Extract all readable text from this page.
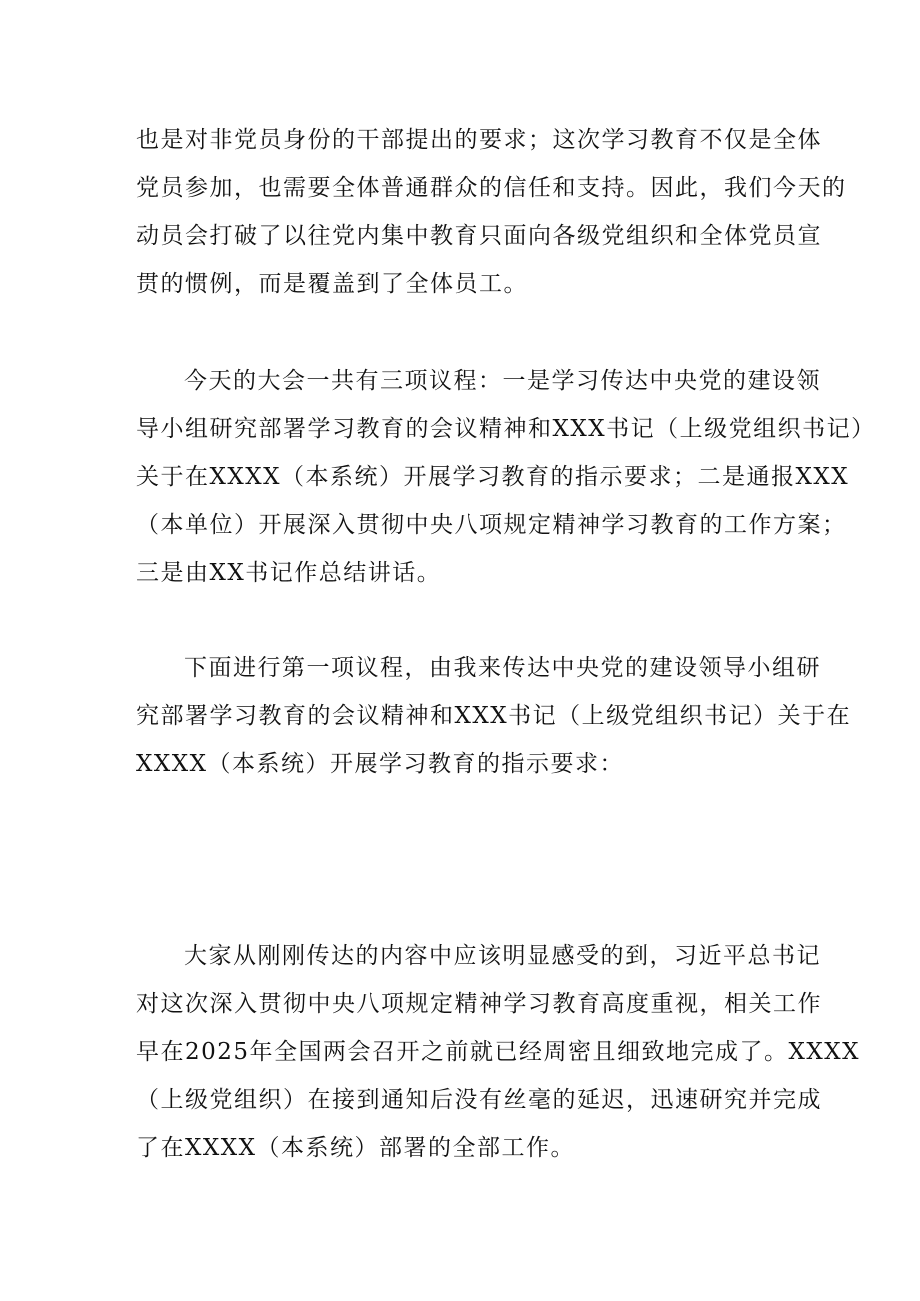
也是对非党员身份的干部提出的要求；这次学习教育不仅是全体
党员参加，也需要全体普通群众的信任和支持。因此，我们今天的
动员会打破了以往党内集中教育只面向各级党组织和全体党员宣
贯的惯例，而是覆盖到了全体员工。
今天的大会一共有三项议程：一是学习传达中央党的建设领
导小组研究部署学习教育的会议精神和XXX书记（上级党组织书记）
关于在XXXX（本系统）开展学习教育的指示要求；二是通报XXX
（本单位）开展深入贯彻中央八项规定精神学习教育的工作方案；
三是由XX书记作总结讲话。
下面进行第一项议程，由我来传达中央党的建设领导小组研
究部署学习教育的会议精神和XXX书记（上级党组织书记）关于在
XXXX（本系统）开展学习教育的指示要求：
大家从刚刚传达的内容中应该明显感受的到，习近平总书记
对这次深入贯彻中央八项规定精神学习教育高度重视，相关工作
早在2025年全国两会召开之前就已经周密且细致地完成了。XXXX
（上级党组织）在接到通知后没有丝毫的延迟，迅速研究并完成
了在XXXX（本系统）部署的全部工作。
